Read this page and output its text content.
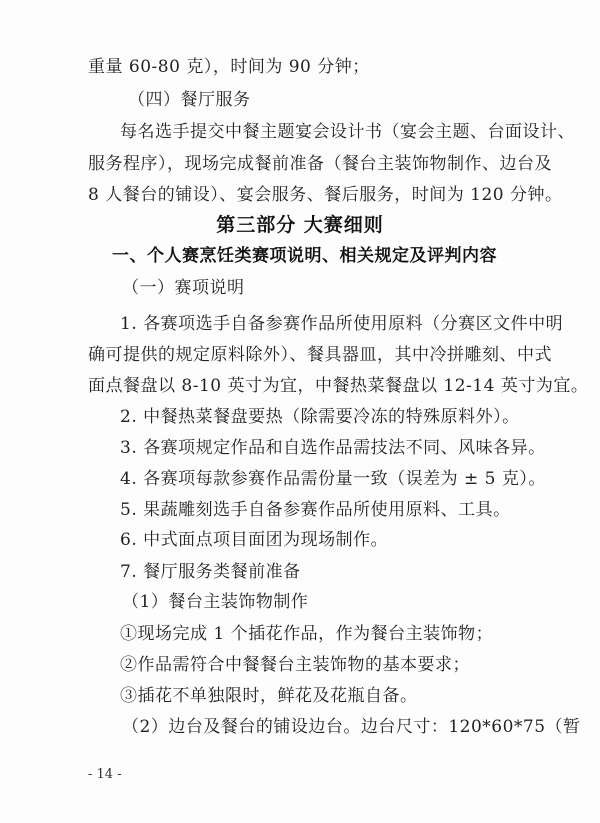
重量 60-80 克），时间为 90 分钟；
（四）餐厅服务
每名选手提交中餐主题宴会设计书（宴会主题、台面设计、
服务程序），现场完成餐前准备（餐台主装饰物制作、边台及
8 人餐台的铺设）、宴会服务、餐后服务，时间为 120 分钟。
第三部分 大赛细则
一、个人赛烹饪类赛项说明、相关规定及评判内容
（一）赛项说明
1. 各赛项选手自备参赛作品所使用原料（分赛区文件中明
确可提供的规定原料除外）、餐具器皿，其中冷拼雕刻、中式
面点餐盘以 8-10 英寸为宜，中餐热菜餐盘以 12-14 英寸为宜。
2. 中餐热菜餐盘要热（除需要冷冻的特殊原料外）。
3. 各赛项规定作品和自选作品需技法不同、风味各异。
4. 各赛项每款参赛作品需份量一致（误差为 ± 5 克）。
5. 果蔬雕刻选手自备参赛作品所使用原料、工具。
6. 中式面点项目面团为现场制作。
7. 餐厅服务类餐前准备
（1）餐台主装饰物制作
①现场完成 1 个插花作品，作为餐台主装饰物；
②作品需符合中餐餐台主装饰物的基本要求；
③插花不单独限时，鲜花及花瓶自备。
（2）边台及餐台的铺设边台。边台尺寸：120*60*75（暂
- 14 -
